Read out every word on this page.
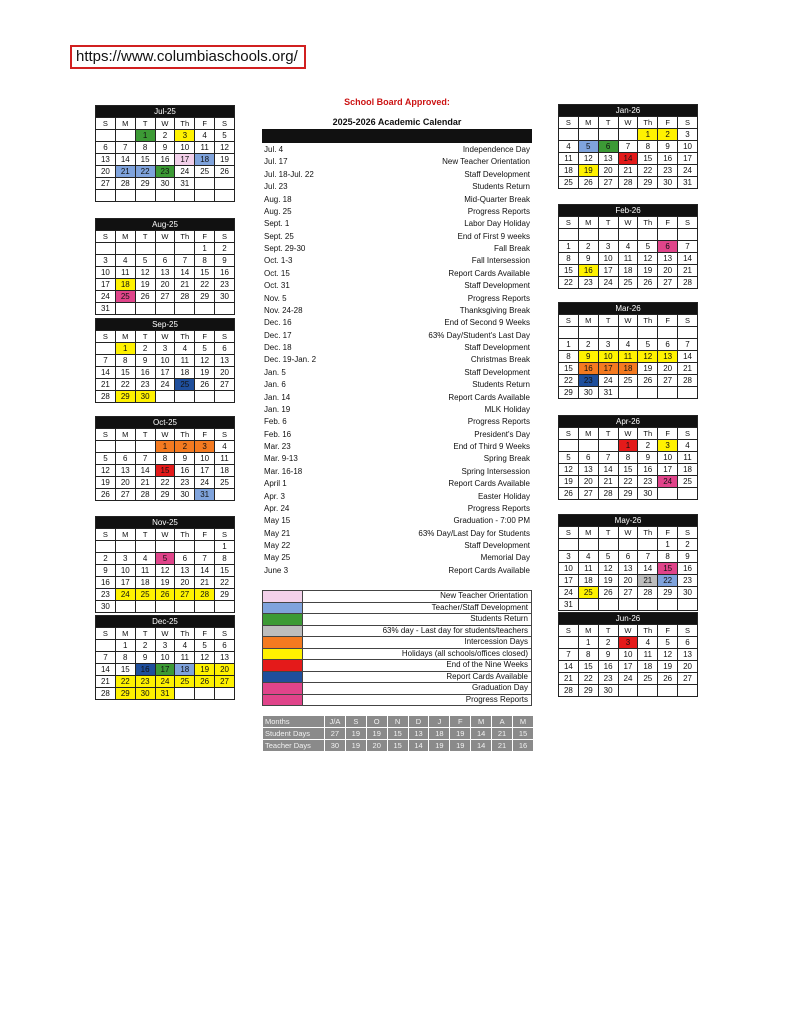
https://www.columbiaschools.org/
School Board Approved:
2025-2026 Academic Calendar
Jul. 4	Independence Day
Jul. 17	New Teacher Orientation
Jul. 18-Jul. 22	Staff Development
Jul. 23	Students Return
Aug. 18	Mid-Quarter Break
Aug. 25	Progress Reports
Sept. 1	Labor Day Holiday
Sept. 25	End of First 9 weeks
Sept. 29-30	Fall Break
Oct. 1-3	Fall Intersession
Oct. 15	Report Cards Available
Oct. 31	Staff Development
Nov. 5	Progress Reports
Nov. 24-28	Thanksgiving Break
Dec. 16	End of Second 9 Weeks
Dec. 17	63% Day/Student's Last Day
Dec. 18	Staff Development
Dec. 19-Jan. 2	Christmas Break
Jan. 5	Staff Development
Jan. 6	Students Return
Jan. 14	Report Cards Available
Jan. 19	MLK Holiday
Feb. 6	Progress Reports
Feb. 16	President's Day
Mar. 23	End of Third 9 Weeks
Mar. 9-13	Spring Break
Mar. 16-18	Spring Intersession
April 1	Report Cards Available
Apr. 3	Easter Holiday
Apr. 24	Progress Reports
May 15	Graduation - 7:00 PM
May 21	63% Day/Last Day for Students
May 22	Staff Development
May 25	Memorial Day
June 3	Report Cards Available
Jul-25						
S	M	T	W	Th	F	S
		1	2	3	4	5
6	7	8	9	10	11	12
13	14	15	16	17	18	19
20	21	22	23	24	25	26
27	28	29	30	31		

Aug-25						
S	M	T	W	Th	F	S
					1	2
3	4	5	6	7	8	9
10	11	12	13	14	15	16
17	18	19	20	21	22	23
24	25	26	27	28	29	30
31						
Sep-25						
S	M	T	W	Th	F	S
	1	2	3	4	5	6
7	8	9	10	11	12	13
14	15	16	17	18	19	20
21	22	23	24	25	26	27
28	29	30				
Oct-25						
S	M	T	W	Th	F	S
			1	2	3	4
5	6	7	8	9	10	11
12	13	14	15	16	17	18
19	20	21	22	23	24	25
26	27	28	29	30	31	
Nov-25						
S	M	T	W	Th	F	S
						1
2	3	4	5	6	7	8
9	10	11	12	13	14	15
16	17	18	19	20	21	22
23	24	25	26	27	28	29
30						
Dec-25						
S	M	T	W	Th	F	S
	1	2	3	4	5	6
7	8	9	10	11	12	13
14	15	16	17	18	19	20
21	22	23	24	25	26	27
28	29	30	31			
Jan-26						
S	M	T	W	Th	F	S
				1	2	3
4	5	6	7	8	9	10
11	12	13	14	15	16	17
18	19	20	21	22	23	24
25	26	27	28	29	30	31
Feb-26						
S	M	T	W	Th	F	S

1	2	3	4	5	6	7
8	9	10	11	12	13	14
15	16	17	18	19	20	21
22	23	24	25	26	27	28
Mar-26						
S	M	T	W	Th	F	S

1	2	3	4	5	6	7
8	9	10	11	12	13	14
15	16	17	18	19	20	21
22	23	24	25	26	27	28
29	30	31				
Apr-26						
S	M	T	W	Th	F	S
			1	2	3	4
5	6	7	8	9	10	11
12	13	14	15	16	17	18
19	20	21	22	23	24	25
26	27	28	29	30		
May-26						
S	M	T	W	Th	F	S
					1	2
3	4	5	6	7	8	9
10	11	12	13	14	15	16
17	18	19	20	21	22	23
24	25	26	27	28	29	30
31						
Jun-26						
S	M	T	W	Th	F	S
	1	2	3	4	5	6
7	8	9	10	11	12	13
14	15	16	17	18	19	20
21	22	23	24	25	26	27
28	29	30				
	New Teacher Orientation
	Teacher/Staff Development
	Students Return
	63% day - Last day for students/teachers
	Intercession Days
	Holidays (all schools/offices closed)
	End of the Nine Weeks
	Report Cards Available
	Graduation Day
	Progress Reports
Months	J/A	S	O	N	D	J	F	M	A	M
Student Days	27	19	19	15	13	18	19	14	21	15
Teacher Days	30	19	20	15	14	19	19	14	21	16
